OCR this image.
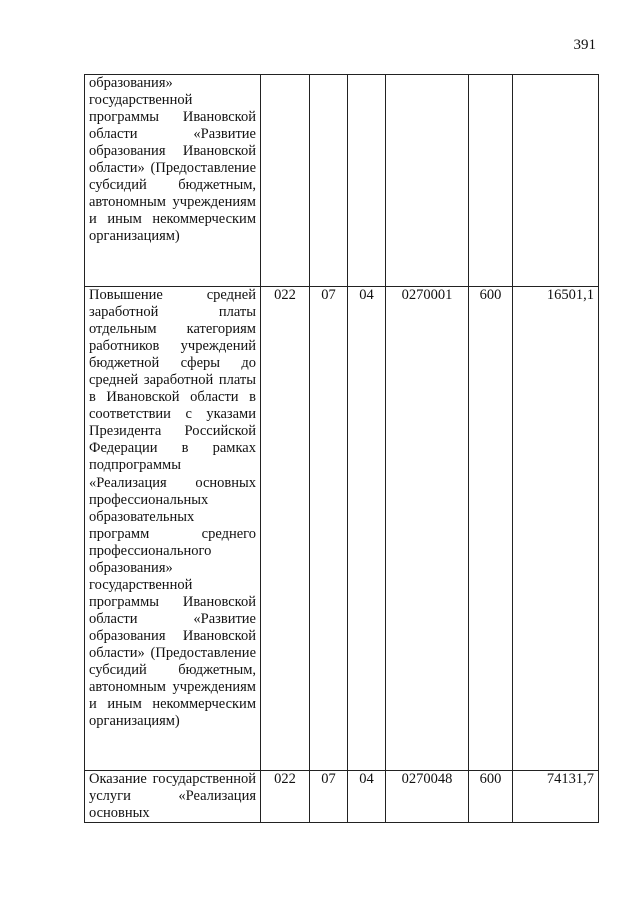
391
образования» государственной программы Ивановской области «Развитие образования Ивановской области» (Предоставление субсидий бюджетным, автономным учреждениям и иным некоммерческим организациям)						
Повышение средней заработной платы отдельным категориям работников учреждений бюджетной сферы до средней заработной платы в Ивановской области в соответствии с указами Президента Российской Федерации в рамках подпрограммы «Реализация основных профессиональных образовательных программ среднего профессионального образования» государственной программы Ивановской области «Развитие образования Ивановской области» (Предоставление субсидий бюджетным, автономным учреждениям и иным некоммерческим организациям)	022	07	04	0270001	600	16501,1
Оказание государственной услуги «Реализация основных	022	07	04	0270048	600	74131,7
